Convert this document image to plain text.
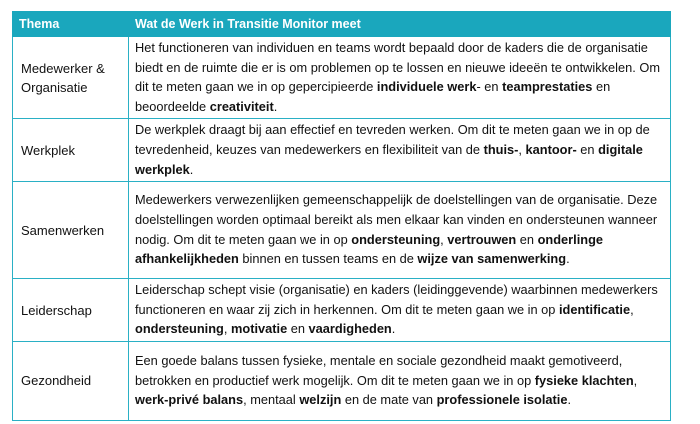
Thema	Wat de Werk in Transitie Monitor meet
Medewerker & Organisatie	Het functioneren van individuen en teams wordt bepaald door de kaders die de organisatie biedt en de ruimte die er is om problemen op te lossen en nieuwe ideeën te ontwikkelen. Om dit te meten gaan we in op gepercipieerde individuele werk- en teamprestaties en beoordeelde creativiteit.
Werkplek	De werkplek draagt bij aan effectief en tevreden werken. Om dit te meten gaan we in op de tevredenheid, keuzes van medewerkers en flexibiliteit van de thuis-, kantoor- en digitale werkplek.
Samenwerken	Medewerkers verwezenlijken gemeenschappelijk de doelstellingen van de organisatie. Deze doelstellingen worden optimaal bereikt als men elkaar kan vinden en ondersteunen wanneer nodig. Om dit te meten gaan we in op ondersteuning, vertrouwen en onderlinge afhankelijkheden binnen en tussen teams en de wijze van samenwerking.
Leiderschap	Leiderschap schept visie (organisatie) en kaders (leidinggevende) waarbinnen medewerkers functioneren en waar zij zich in herkennen. Om dit te meten gaan we in op identificatie, ondersteuning, motivatie en vaardigheden.
Gezondheid	Een goede balans tussen fysieke, mentale en sociale gezondheid maakt gemotiveerd, betrokken en productief werk mogelijk. Om dit te meten gaan we in op fysieke klachten, werk-privé balans, mentaal welzijn en de mate van professionele isolatie.
